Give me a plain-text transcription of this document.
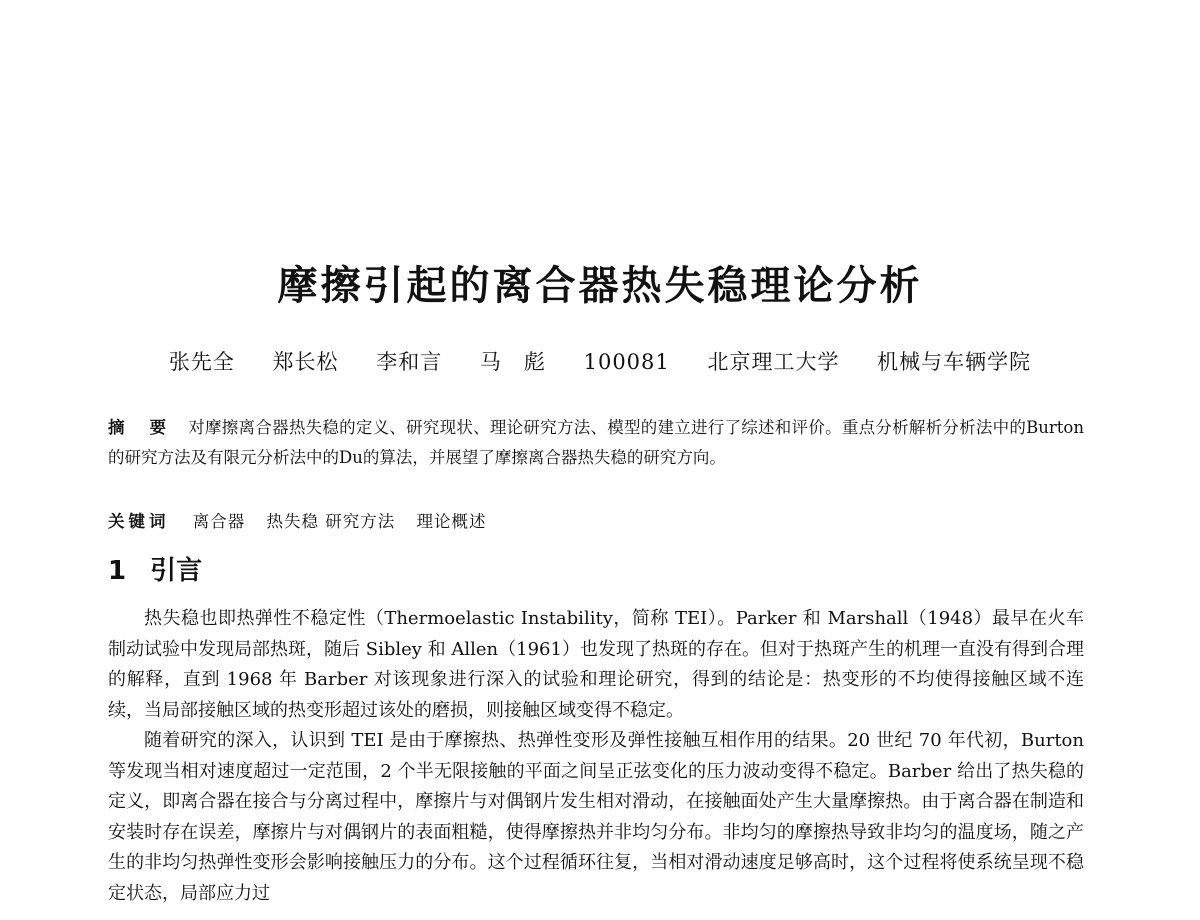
摩擦引起的离合器热失稳理论分析
张先全 郑长松 李和言 马　彪 100081 北京理工大学 机械与车辆学院

摘　要 对摩擦离合器热失稳的定义、研究现状、理论研究方法、模型的建立进行了综述和评价。重点分析解析分析法中的Burton的研究方法及有限元分析法中的Du的算法，并展望了摩擦离合器热失稳的研究方向。

关键词 离合器 热失稳 研究方法 理论概述

1 引言

热失稳也即热弹性不稳定性（Thermoelastic Instability，简称 TEI）。Parker 和 Marshall（1948）最早在火车制动试验中发现局部热斑，随后 Sibley 和 Allen（1961）也发现了热斑的存在。但对于热斑产生的机理一直没有得到合理的解释，直到 1968 年 Barber 对该现象进行深入的试验和理论研究，得到的结论是：热变形的不均使得接触区域不连续，当局部接触区域的热变形超过该处的磨损，则接触区域变得不稳定。

随着研究的深入，认识到 TEI 是由于摩擦热、热弹性变形及弹性接触互相作用的结果。20 世纪 70 年代初，Burton 等发现当相对速度超过一定范围，2 个半无限接触的平面之间呈正弦变化的压力波动变得不稳定。Barber 给出了热失稳的定义，即离合器在接合与分离过程中，摩擦片与对偶钢片发生相对滑动，在接触面处产生大量摩擦热。由于离合器在制造和安装时存在误差，摩擦片与对偶钢片的表面粗糙，使得摩擦热并非均匀分布。非均匀的摩擦热导致非均匀的温度场，随之产生的非均匀热弹性变形会影响接触压力的分布。这个过程循环往复，当相对滑动速度足够高时，这个过程将使系统呈现不稳定状态，局部应力过
